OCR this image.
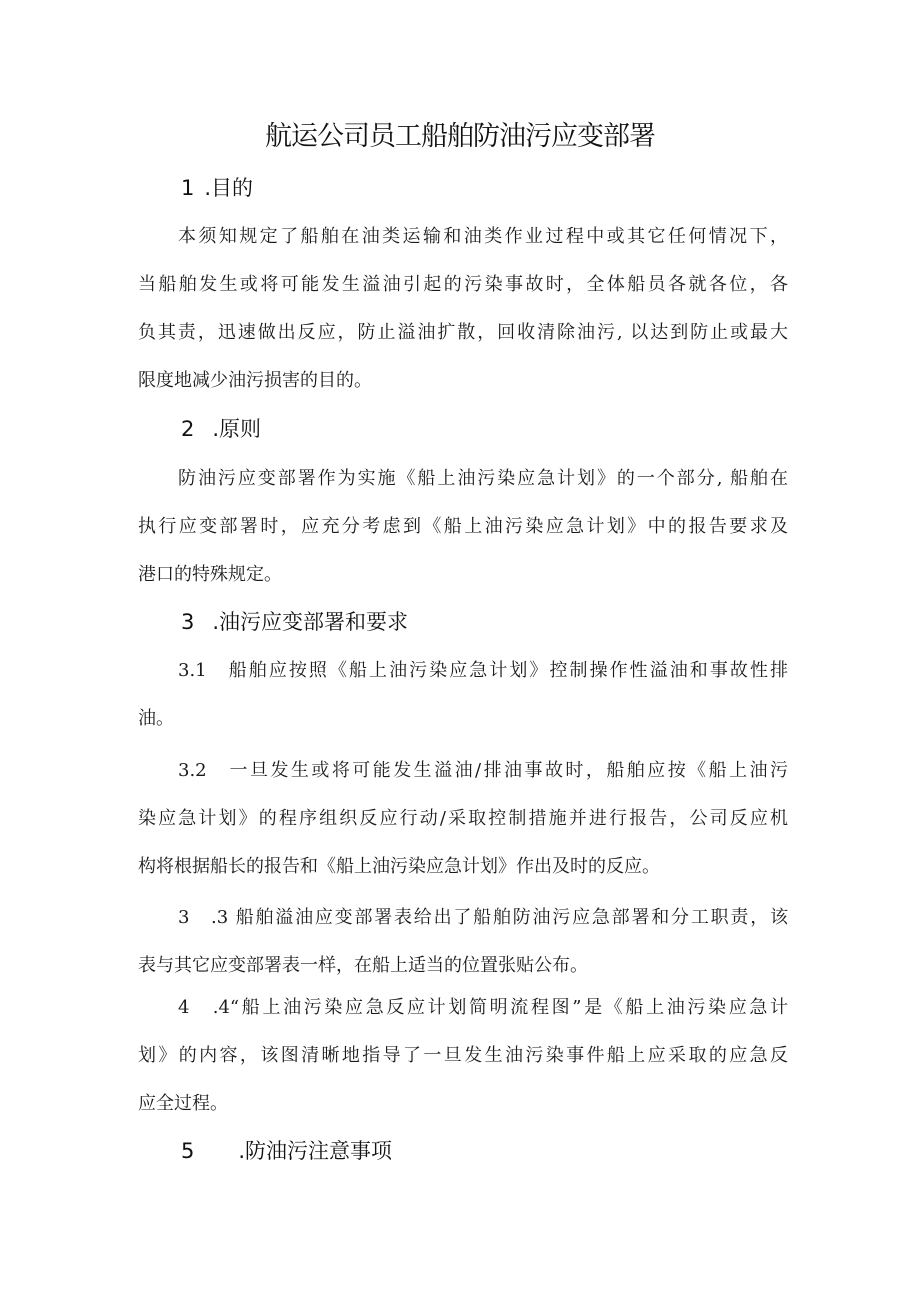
航运公司员工船舶防油污应变部署
1 .目的
本须知规定了船舶在油类运输和油类作业过程中或其它任何情况下，
当船舶发生或将可能发生溢油引起的污染事故时，全体船员各就各位，各
负其责，迅速做出反应，防止溢油扩散，回收清除油污, 以达到防止或最大
限度地减少油污损害的目的。
2 .原则
防油污应变部署作为实施《船上油污染应急计划》的一个部分, 船舶在
执行应变部署时，应充分考虑到《船上油污染应急计划》中的报告要求及
港口的特殊规定。
3 .油污应变部署和要求
3.1　船舶应按照《船上油污染应急计划》控制操作性溢油和事故性排
油。
3.2　一旦发生或将可能发生溢油/排油事故时，船舶应按《船上油污
染应急计划》的程序组织反应行动/采取控制措施并进行报告，公司反应机
构将根据船长的报告和《船上油污染应急计划》作出及时的反应。
3　.3 船舶溢油应变部署表给出了船舶防油污应急部署和分工职责，该
表与其它应变部署表一样，在船上适当的位置张贴公布。
4　.4“船上油污染应急反应计划简明流程图”是《船上油污染应急计
划》的内容，该图清晰地指导了一旦发生油污染事件船上应采取的应急反
应全过程。
5 .防油污注意事项
